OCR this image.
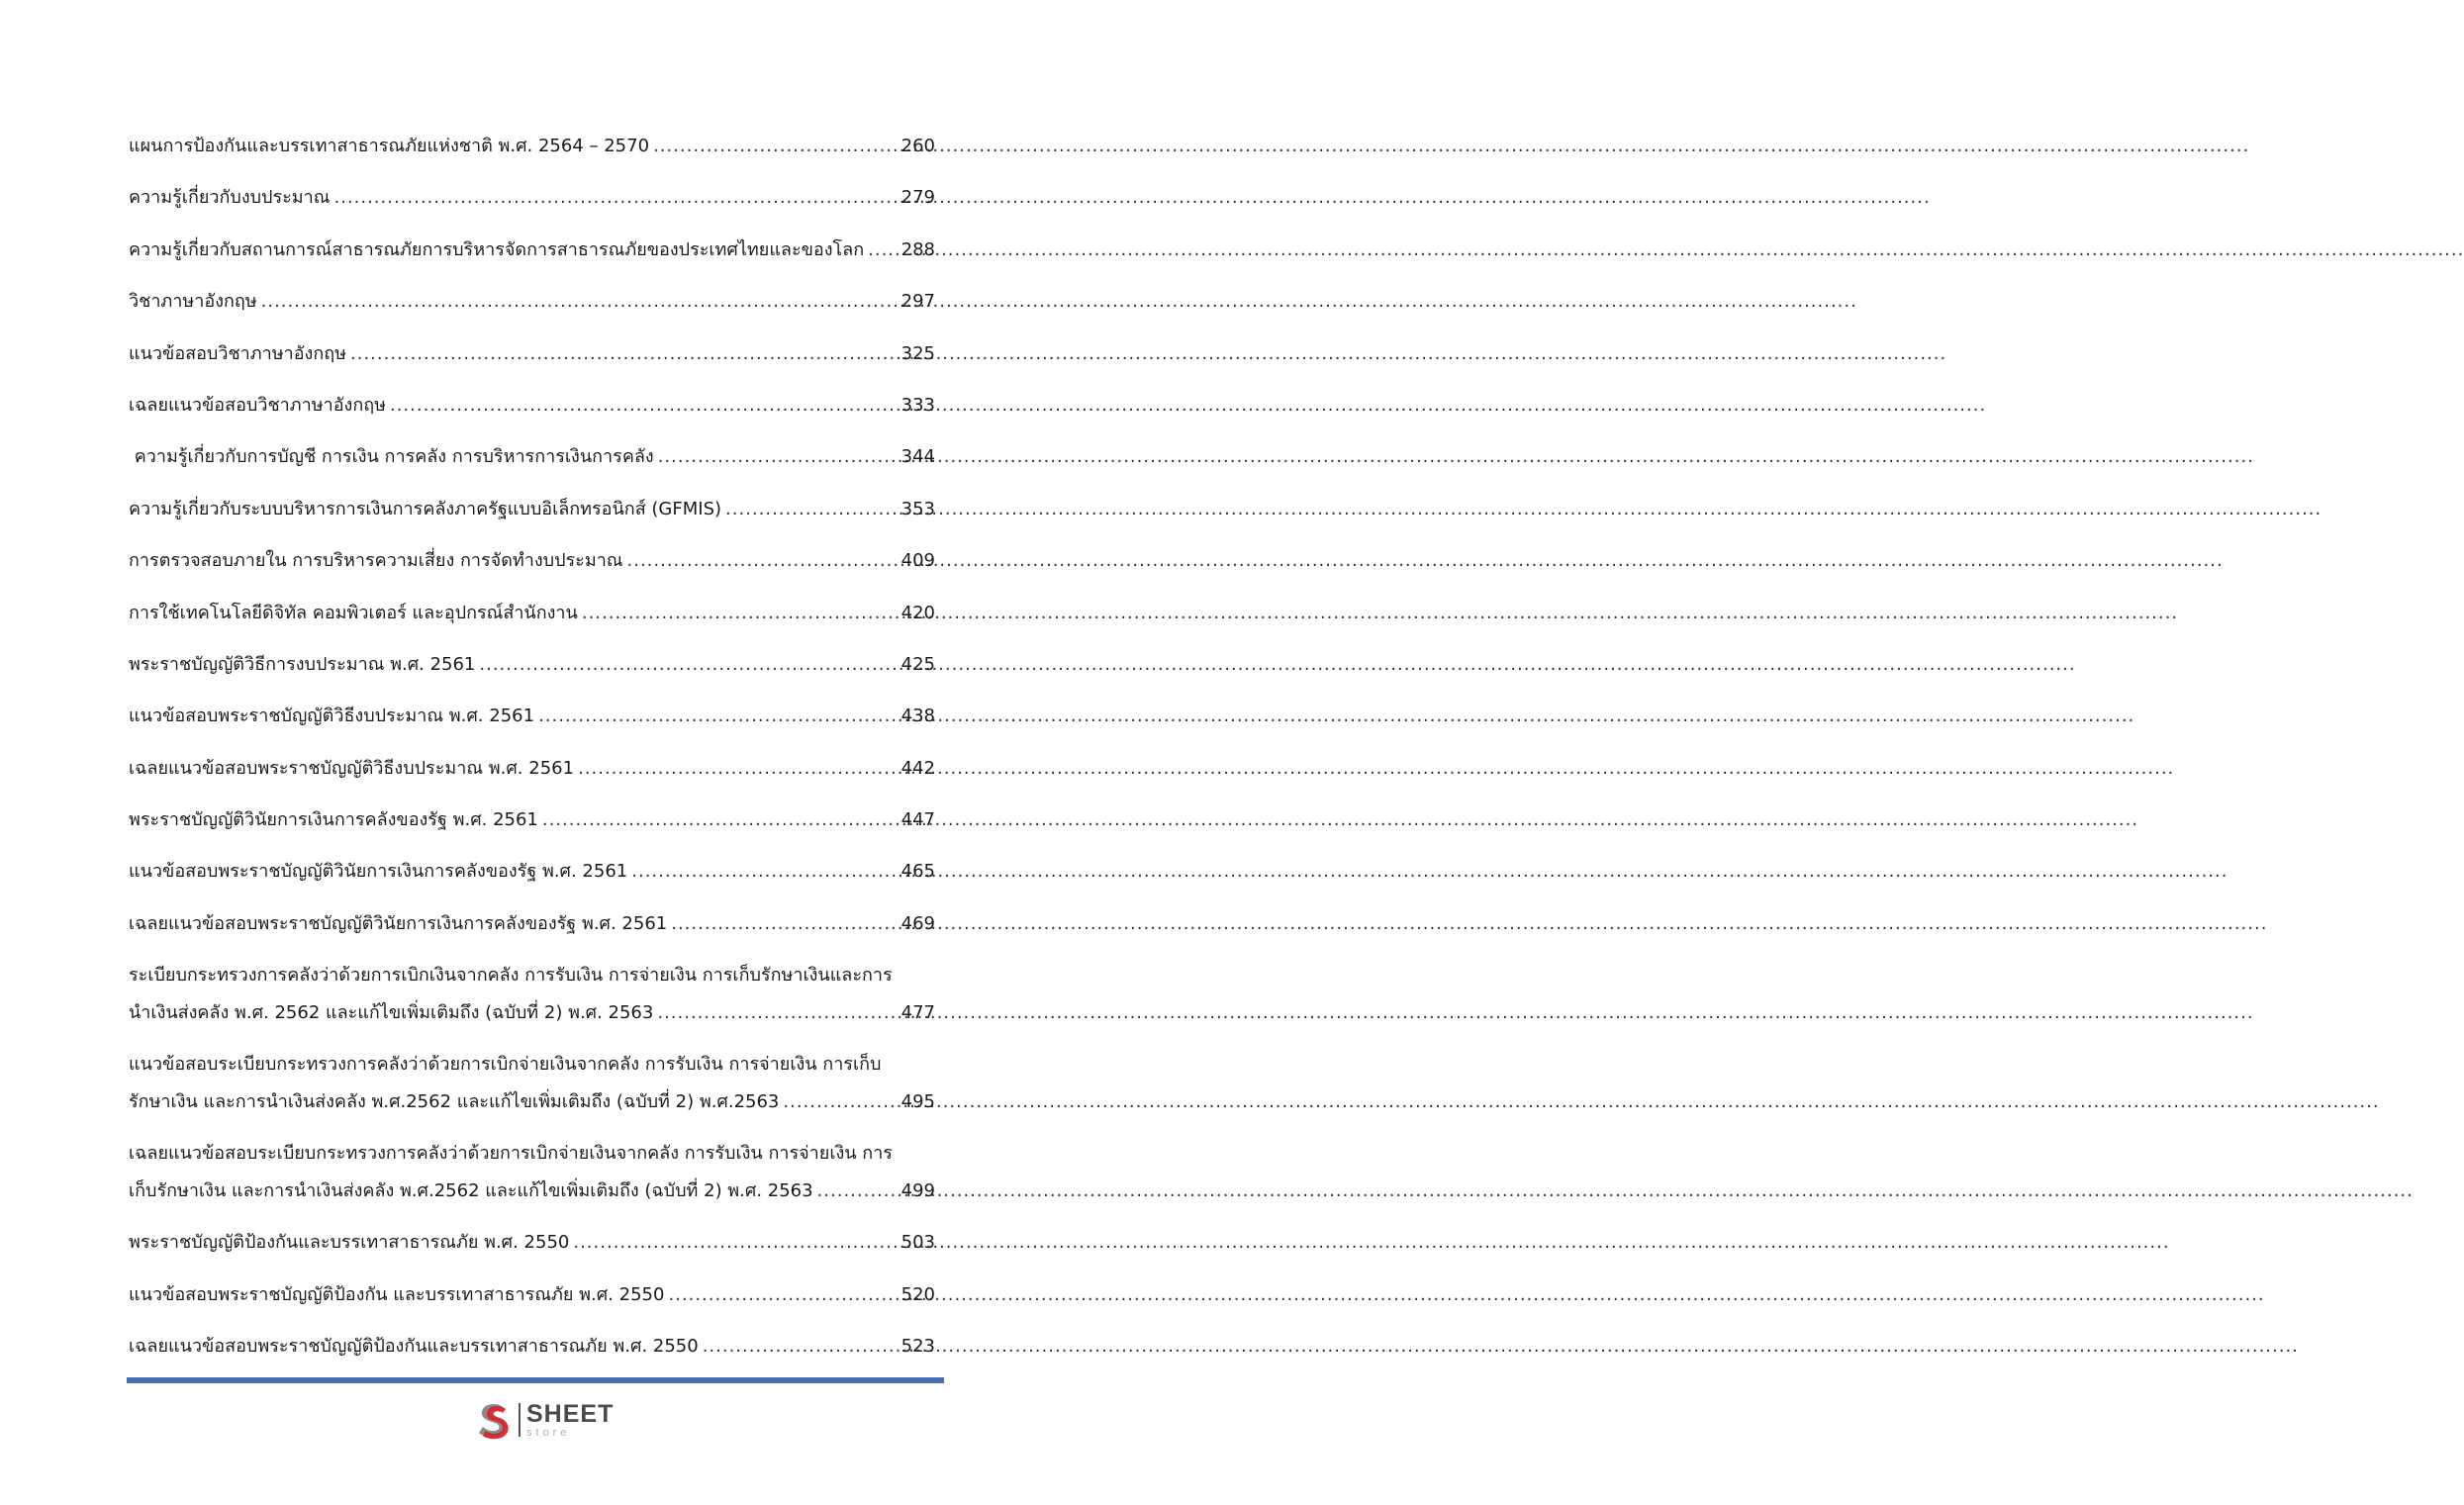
แผนการป้องกันและบรรเทาสาธารณภัยแห่งชาติ พ.ศ. 2564 – 2570 .....	260
ความรู้เกี่ยวกับงบประมาณ .....	279
ความรู้เกี่ยวกับสถานการณ์สาธารณภัยการบริหารจัดการสาธารณภัยของประเทศไทยและของโลก ..... 288
วิชาภาษาอังกฤษ .....	297
แนวข้อสอบวิชาภาษาอังกฤษ .....	325
เฉลยแนวข้อสอบวิชาภาษาอังกฤษ .....	333
ความรู้เกี่ยวกับการบัญชี การเงิน การคลัง การบริหารการเงินการคลัง .....	344
ความรู้เกี่ยวกับระบบบริหารการเงินการคลังภาครัฐแบบอิเล็กทรอนิกส์ (GFMIS) .....	353
การตรวจสอบภายใน การบริหารความเสี่ยง การจัดทำงบประมาณ .....	409
การใช้เทคโนโลยีดิจิทัล คอมพิวเตอร์ และอุปกรณ์สำนักงาน .....	420
พระราชบัญญัติวิธีการงบประมาณ พ.ศ. 2561 .....	425
แนวข้อสอบพระราชบัญญัติวิธีงบประมาณ พ.ศ. 2561 .....	438
เฉลยแนวข้อสอบพระราชบัญญัติวิธีงบประมาณ พ.ศ. 2561 .....	442
พระราชบัญญัติวินัยการเงินการคลังของรัฐ พ.ศ. 2561 .....	447
แนวข้อสอบพระราชบัญญัติวินัยการเงินการคลังของรัฐ พ.ศ. 2561 .....	465
เฉลยแนวข้อสอบพระราชบัญญัติวินัยการเงินการคลังของรัฐ พ.ศ. 2561 .....	469
ระเบียบกระทรวงการคลังว่าด้วยการเบิกเงินจากคลัง การรับเงิน การจ่ายเงิน การเก็บรักษาเงินและการ
นำเงินส่งคลัง พ.ศ. 2562 และแก้ไขเพิ่มเติมถึง (ฉบับที่ 2) พ.ศ. 2563 .....	477
แนวข้อสอบระเบียบกระทรวงการคลังว่าด้วยการเบิกจ่ายเงินจากคลัง การรับเงิน การจ่ายเงิน การเก็บ
รักษาเงิน และการนำเงินส่งคลัง พ.ศ.2562 และแก้ไขเพิ่มเติมถึง (ฉบับที่ 2) พ.ศ.2563 .....	495
เฉลยแนวข้อสอบระเบียบกระทรวงการคลังว่าด้วยการเบิกจ่ายเงินจากคลัง การรับเงิน การจ่ายเงิน การ
เก็บรักษาเงิน และการนำเงินส่งคลัง พ.ศ.2562 และแก้ไขเพิ่มเติมถึง (ฉบับที่ 2) พ.ศ. 2563 .....	499
พระราชบัญญัติป้องกันและบรรเทาสาธารณภัย พ.ศ. 2550 .....	503
แนวข้อสอบพระราชบัญญัติป้องกัน และบรรเทาสาธารณภัย พ.ศ. 2550 .....	520
เฉลยแนวข้อสอบพระราชบัญญัติป้องกันและบรรเทาสาธารณภัย พ.ศ. 2550 .....	523
SHEET
store
